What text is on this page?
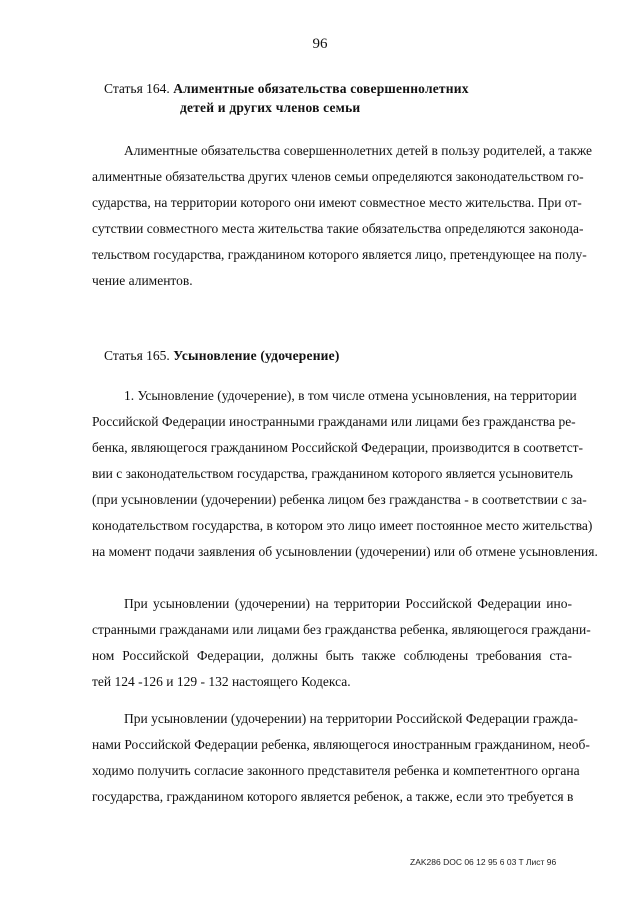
96
Статья 164. Алиментные обязательства совершеннолетних
детей и других членов семьи
Алиментные обязательства совершеннолетних детей в пользу родителей, а также
алиментные обязательства других членов семьи определяются законодательством го-
сударства, на территории которого они имеют совместное место жительства. При от-
сутствии совместного места жительства такие обязательства определяются законода-
тельством государства, гражданином которого является лицо, претендующее на полу-
чение алиментов.
Статья 165. Усыновление (удочерение)
1. Усыновление (удочерение), в том числе отмена усыновления, на территории
Российской Федерации иностранными гражданами или лицами без гражданства ре-
бенка, являющегося гражданином Российской Федерации, производится в соответст-
вии с законодательством государства, гражданином которого является усыновитель
(при усыновлении (удочерении) ребенка лицом без гражданства - в соответствии с за-
конодательством государства, в котором это лицо имеет постоянное место жительства)
на момент подачи заявления об усыновлении (удочерении) или об отмене усыновления.
При усыновлении (удочерении) на территории Российской Федерации ино-
странными гражданами или лицами без гражданства ребенка, являющегося граждани-
ном Российской Федерации, должны быть также соблюдены требования ста-
тей 124 -126 и 129 - 132 настоящего Кодекса.
При усыновлении (удочерении) на территории Российской Федерации гражда-
нами Российской Федерации ребенка, являющегося иностранным гражданином, необ-
ходимо получить согласие законного представителя ребенка и компетентного органа
государства, гражданином которого является ребенок, а также, если это требуется в
ZAK286 DOC 06 12 95 6 03 T Лист 96
